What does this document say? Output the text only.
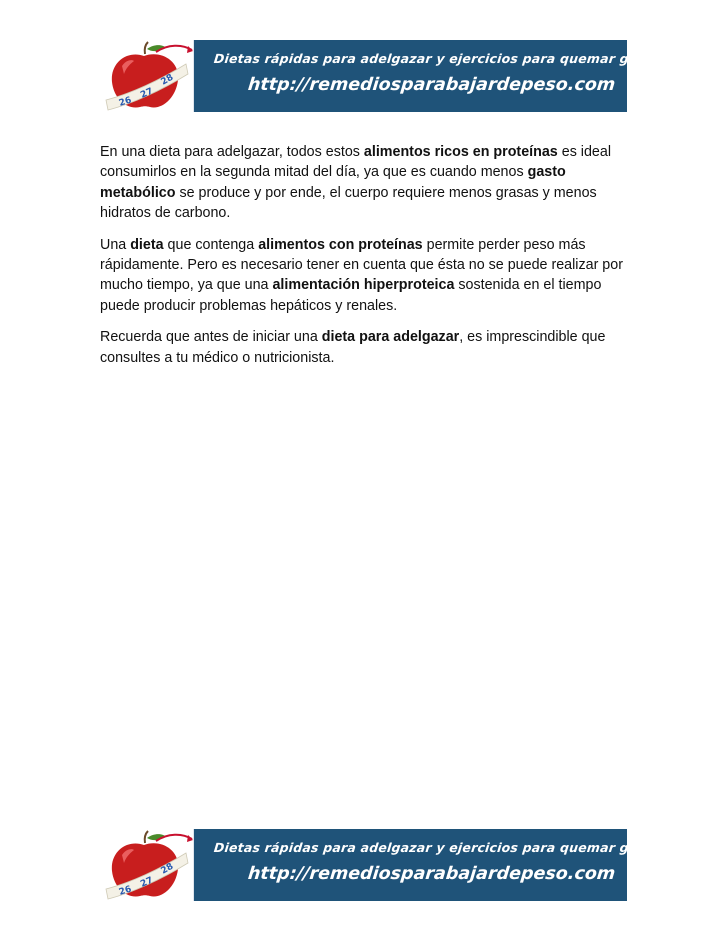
26
27
28
Dietas rápidas para adelgazar y ejercicios para quemar grasa
http://remediosparabajardepeso.com

En una dieta para adelgazar, todos estos alimentos ricos en proteínas es ideal consumirlos en la segunda mitad del día, ya que es cuando menos gasto metabólico se produce y por ende, el cuerpo requiere menos grasas y menos hidratos de carbono.

Una dieta que contenga alimentos con proteínas permite perder peso más rápidamente. Pero es necesario tener en cuenta que ésta no se puede realizar por mucho tiempo, ya que una alimentación hiperproteica sostenida en el tiempo puede producir problemas hepáticos y renales.

Recuerda que antes de iniciar una dieta para adelgazar, es imprescindible que consultes a tu médico o nutricionista.

26
27
28
Dietas rápidas para adelgazar y ejercicios para quemar grasa
http://remediosparabajardepeso.com
